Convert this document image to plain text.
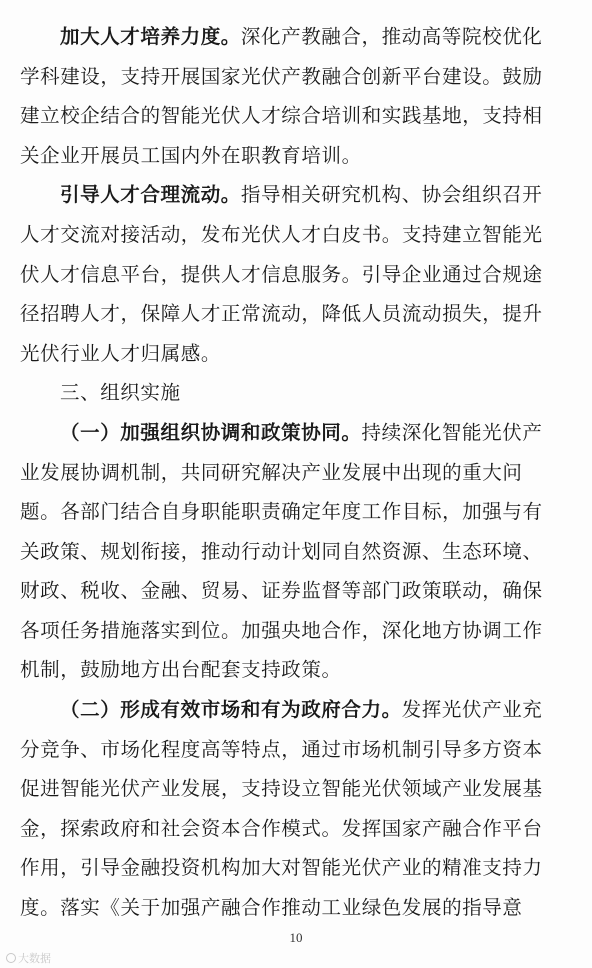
加大人才培养力度。深化产教融合，推动高等院校优化
学科建设，支持开展国家光伏产教融合创新平台建设。鼓励
建立校企结合的智能光伏人才综合培训和实践基地，支持相
关企业开展员工国内外在职教育培训。
引导人才合理流动。指导相关研究机构、协会组织召开
人才交流对接活动，发布光伏人才白皮书。支持建立智能光
伏人才信息平台，提供人才信息服务。引导企业通过合规途
径招聘人才，保障人才正常流动，降低人员流动损失，提升
光伏行业人才归属感。
三、组织实施
（一）加强组织协调和政策协同。持续深化智能光伏产
业发展协调机制，共同研究解决产业发展中出现的重大问
题。各部门结合自身职能职责确定年度工作目标，加强与有
关政策、规划衔接，推动行动计划同自然资源、生态环境、
财政、税收、金融、贸易、证券监督等部门政策联动，确保
各项任务措施落实到位。加强央地合作，深化地方协调工作
机制，鼓励地方出台配套支持政策。
（二）形成有效市场和有为政府合力。发挥光伏产业充
分竞争、市场化程度高等特点，通过市场机制引导多方资本
促进智能光伏产业发展，支持设立智能光伏领域产业发展基
金，探索政府和社会资本合作模式。发挥国家产融合作平台
作用，引导金融投资机构加大对智能光伏产业的精准支持力
度。落实《关于加强产融合作推动工业绿色发展的指导意
10
大数据
